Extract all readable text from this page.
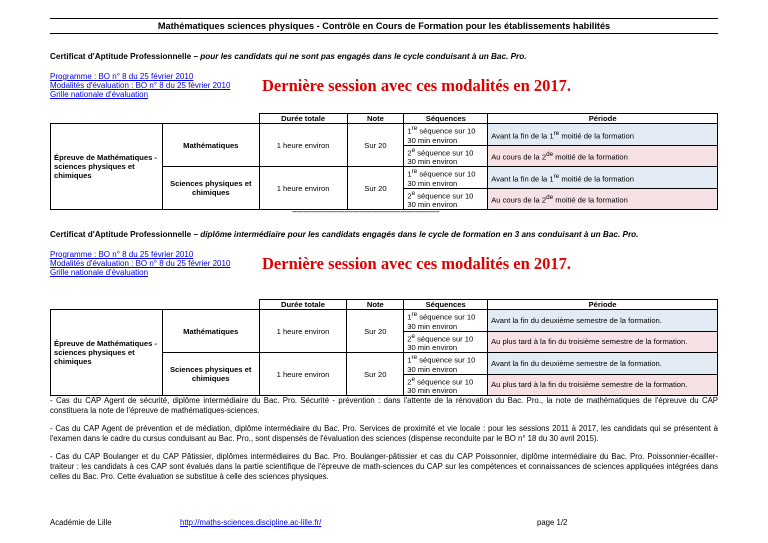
Mathématiques sciences physiques - Contrôle en Cours de Formation pour les établissements habilités
Certificat d'Aptitude Professionnelle – pour les candidats qui ne sont pas engagés dans le cycle conduisant à un Bac. Pro.
Programme : BO n° 8 du 25 février 2010
Modalités d'évaluation : BO n° 8 du 25 février 2010
Grille nationale d'évaluation	Dernière session avec ces modalités en 2017.
		Durée totale	Note	Séquences	Période
Épreuve de Mathématiques - sciences physiques et chimiques	Mathématiques	1 heure environ	Sur 20	1re séquence sur 10
30 min environ	Avant la fin de la 1re moitié de la formation
				2e séquence sur 10
30 min environ	Au cours de la 2de moitié de la formation
	Sciences physiques et chimiques	1 heure environ	Sur 20	1re séquence sur 10
30 min environ	Avant la fin de la 1re moitié de la formation
				2e séquence sur 10
30 min environ	Au cours de la 2de moitié de la formation
--------------------------------------------------------------------
Certificat d'Aptitude Professionnelle – diplôme intermédiaire pour les candidats engagés dans le cycle de formation en 3 ans conduisant à un Bac. Pro.
Programme : BO n° 8 du 25 février 2010
Modalités d'évaluation : BO n° 8 du 25 février 2010
Grille nationale d'évaluation	Dernière session avec ces modalités en 2017.
		Durée totale	Note	Séquences	Période
Épreuve de Mathématiques - sciences physiques et chimiques	Mathématiques	1 heure environ	Sur 20	1re séquence sur 10
30 min environ	Avant la fin du deuxième semestre de la formation.
				2e séquence sur 10
30 min environ	Au plus tard à la fin du troisième semestre de la formation.
	Sciences physiques et chimiques	1 heure environ	Sur 20	1re séquence sur 10
30 min environ	Avant la fin du deuxième semestre de la formation.
				2e séquence sur 10
30 min environ	Au plus tard à la fin du troisième semestre de la formation.
- Cas du CAP Agent de sécurité, diplôme intermédiaire du Bac. Pro. Sécurité - prévention : dans l'attente de la rénovation du Bac. Pro., la note de mathématiques de l'épreuve du CAP constituera la note de l'épreuve de mathématiques-sciences.
- Cas du CAP Agent de prévention et de médiation, diplôme intermédiaire du Bac. Pro. Services de proximité et vie locale : pour les sessions 2011 à 2017, les candidats qui se présentent à l'examen dans le cadre du cursus conduisant au Bac. Pro., sont dispensés de l'évaluation des sciences (dispense reconduite par le BO n° 18 du 30 avril 2015).
- Cas du CAP Boulanger et du CAP Pâtissier, diplômes intermédiaires du Bac. Pro. Boulanger-pâtissier et cas du CAP Poissonnier, diplôme intermédiaire du Bac. Pro. Poissonnier-écailler-traiteur : les candidats à ces CAP sont évalués dans la partie scientifique de l'épreuve de math-sciences du CAP sur les compétences et connaissances de sciences appliquées intégrées dans celles du Bac. Pro. Cette évaluation se substitue à celle des sciences physiques.
Académie de Lille	http://maths-sciences.discipline.ac-lille.fr/	page 1/2
